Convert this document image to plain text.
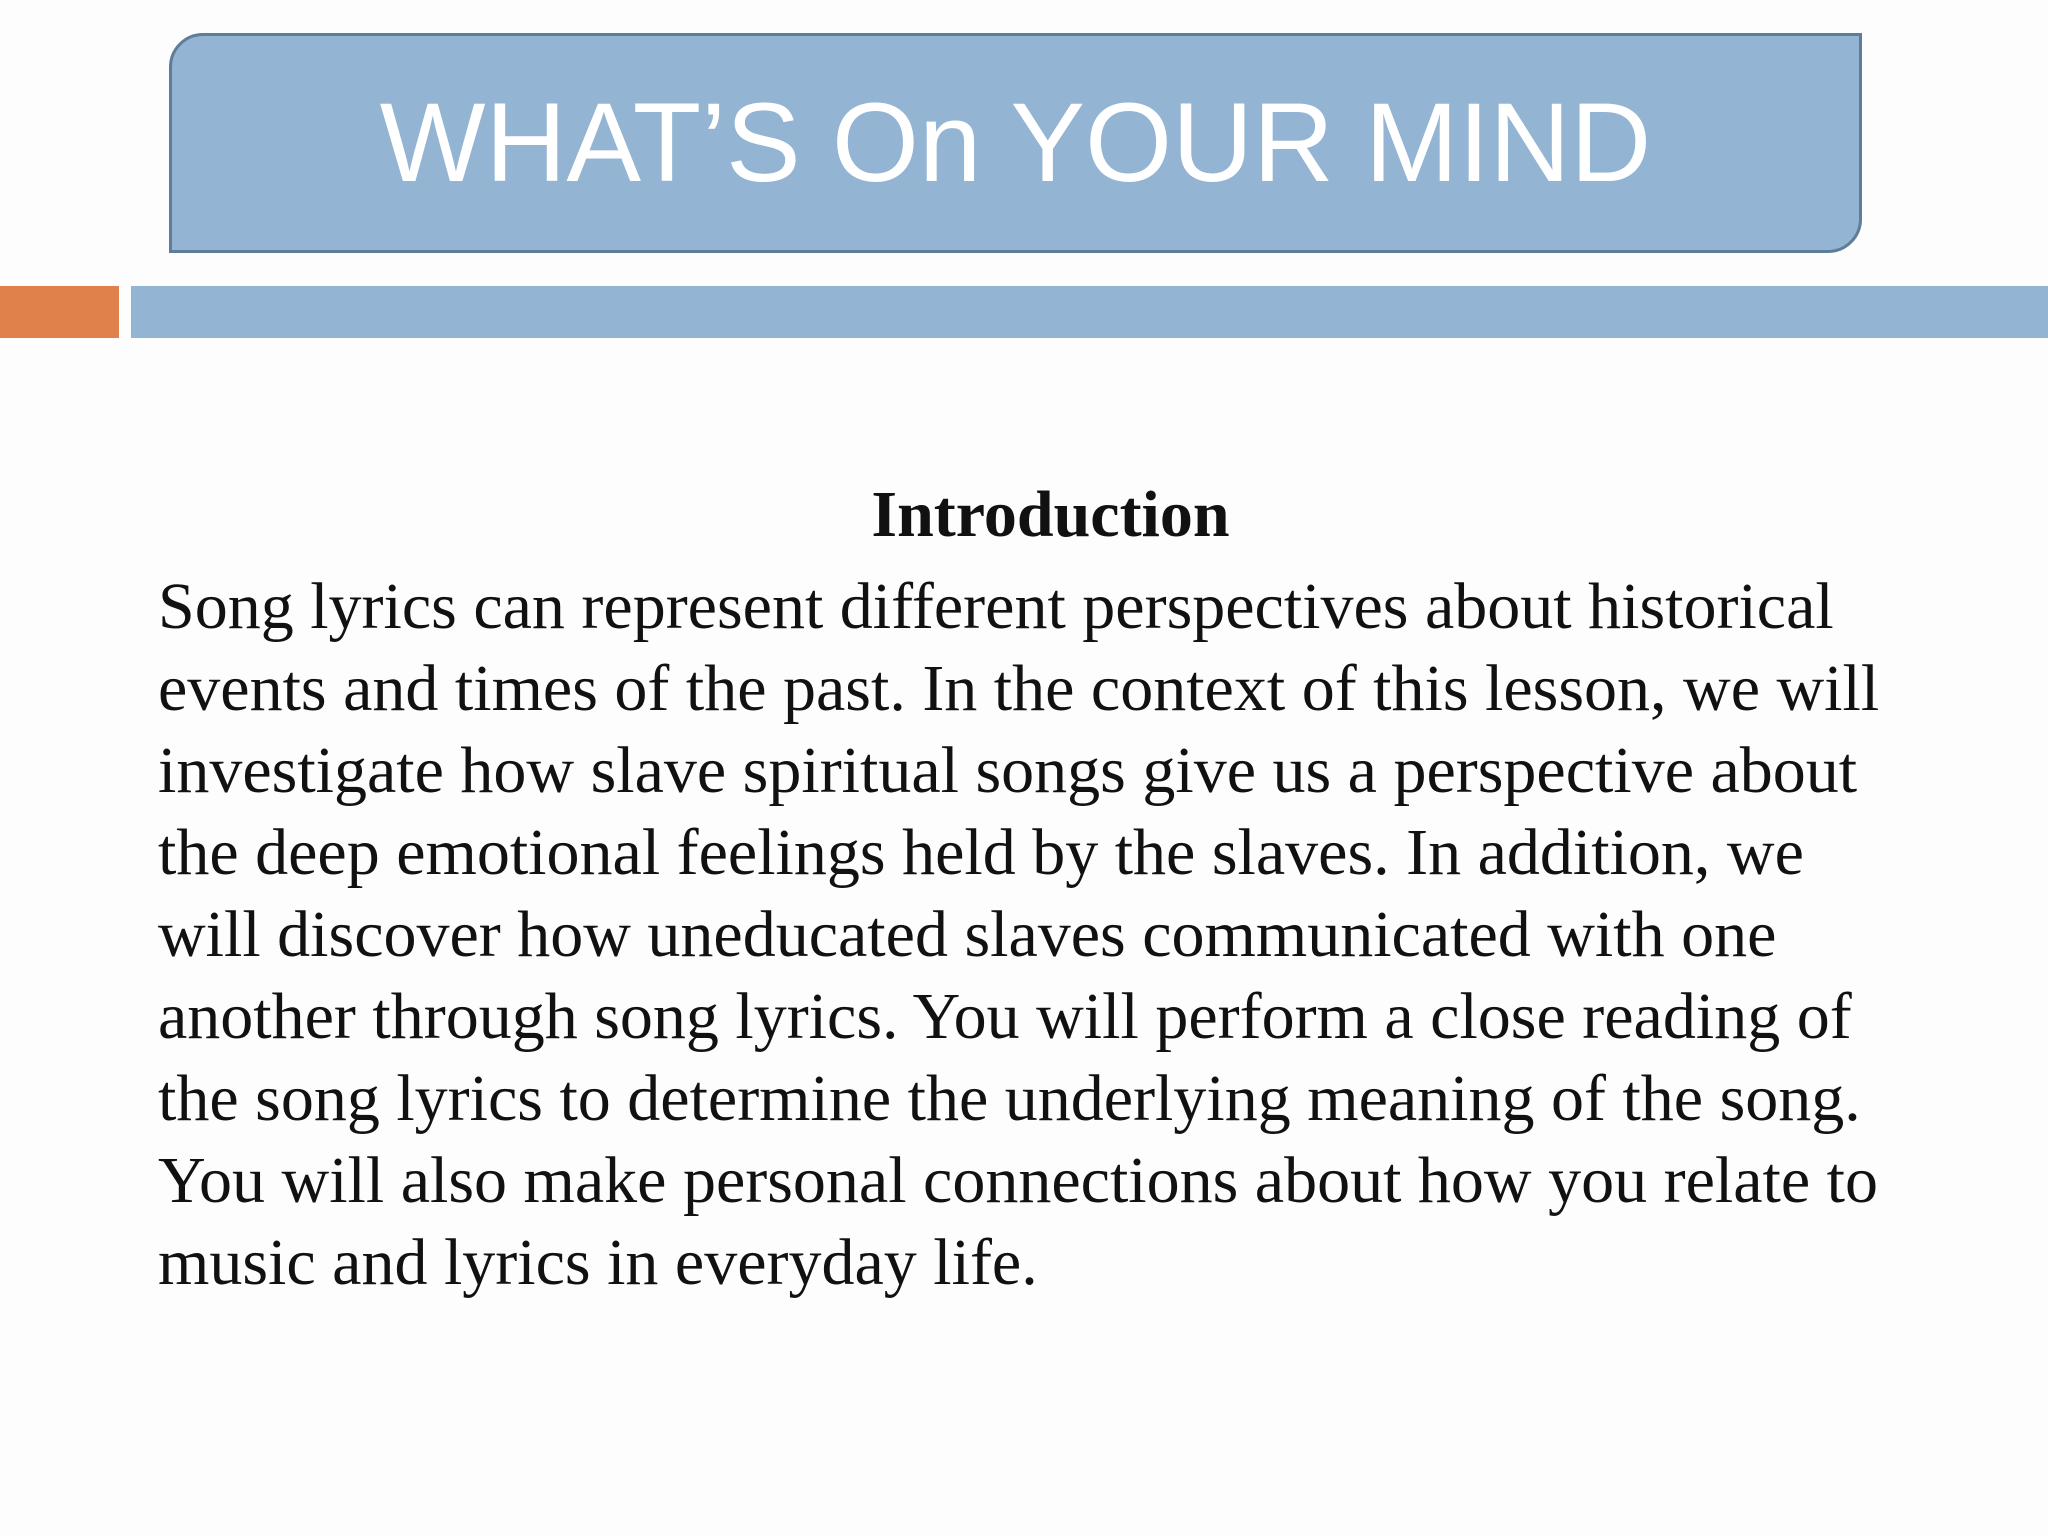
WHAT’S On YOUR MIND

Introduction

Song lyrics can represent different perspectives about historical
events and times of the past. In the context of this lesson, we will
investigate how slave spiritual songs give us a perspective about
the deep emotional feelings held by the slaves. In addition, we
will discover how uneducated slaves communicated with one
another through song lyrics. You will perform a close reading of
the song lyrics to determine the underlying meaning of the song.
You will also make personal connections about how you relate to
music and lyrics in everyday life.
